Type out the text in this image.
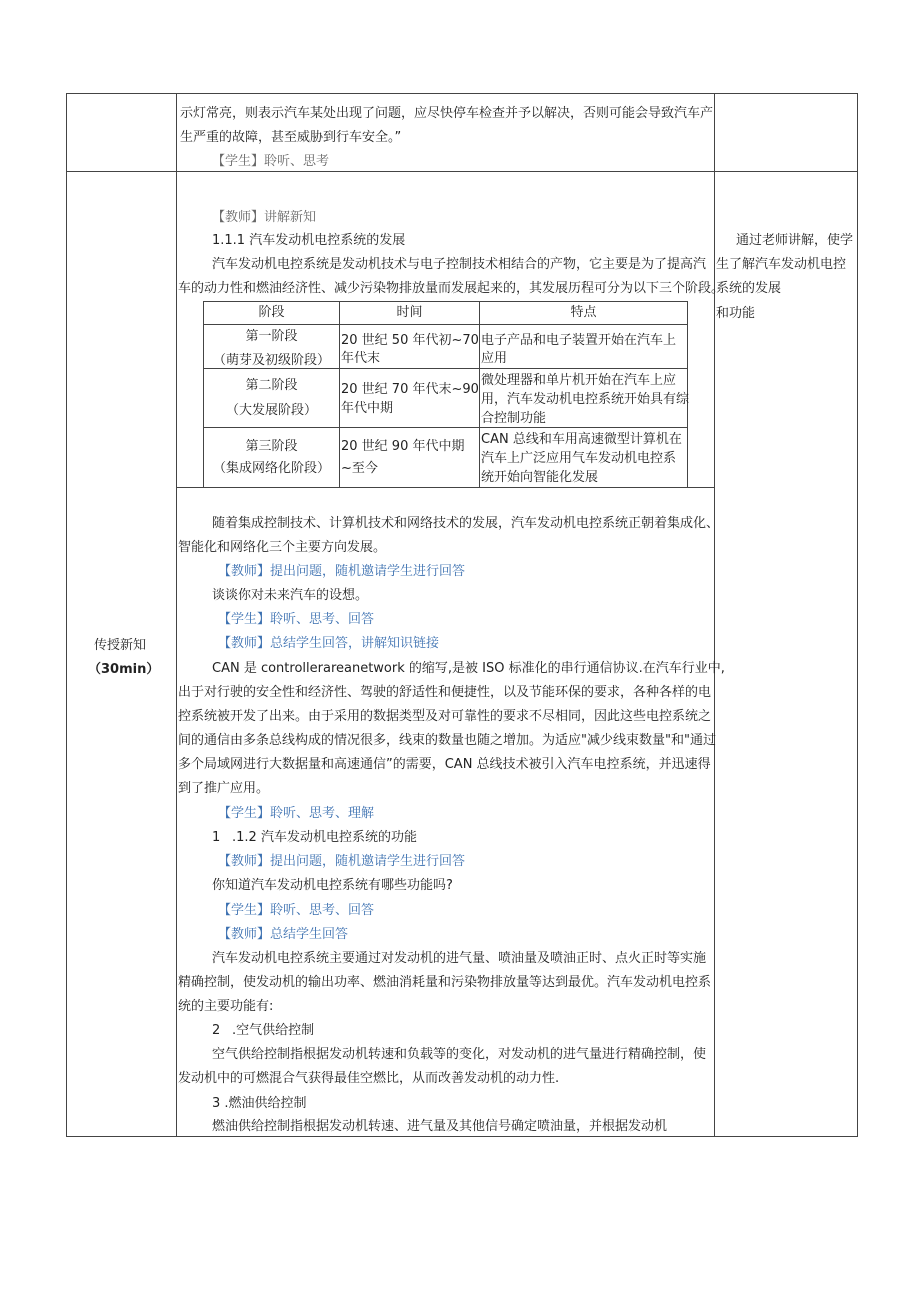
示灯常亮，则表示汽车某处出现了问题，应尽快停车检查并予以解决，否则可能会导致汽车产
生严重的故障，甚至威胁到行车安全。”
【学生】聆听、思考
传授新知
（30min）
通过老师讲解，使学
生了解汽车发动机电控
系统的发展
和功能
【教师】讲解新知
1.1.1 汽车发动机电控系统的发展
汽车发动机电控系统是发动机技术与电子控制技术相结合的产物，它主要是为了提高汽
车的动力性和燃油经济性、减少污染物排放量而发展起来的，其发展历程可分为以下三个阶段。
阶段	时间	特点
第一阶段
（萌芽及初级阶段）
20 世纪 50 年代初~70
年代末
电子产品和电子装置开始在汽车上
应用
第二阶段
（大发展阶段）
20 世纪 70 年代末~90
年代中期
微处理器和单片机开始在汽车上应
用，汽车发动机电控系统开始具有综
合控制功能
第三阶段
（集成网络化阶段）
20 世纪 90 年代中期
~至今
CAN 总线和车用高速微型计算机在
汽车上广泛应用气车发动机电控系
统开始向智能化发展
随着集成控制技术、计算机技术和网络技术的发展，汽车发动机电控系统正朝着集成化、
智能化和网络化三个主要方向发展。
【教师】提出问题，随机邀请学生进行回答
谈谈你对未来汽车的设想。
【学生】聆听、思考、回答
【教师】总结学生回答，讲解知识链接
CAN 是 controllerareanetwork 的缩写,是被 ISO 标准化的串行通信协议.在汽车行业中,
出于对行驶的安全性和经济性、驾驶的舒适性和便捷性，以及节能环保的要求，各种各样的电
控系统被开发了出来。由于采用的数据类型及对可靠性的要求不尽相同，因此这些电控系统之
间的通信由多条总线构成的情况很多，线束的数量也随之增加。为适应"减少线束数量"和"通过
多个局域网进行大数据量和高速通信”的需要，CAN 总线技术被引入汽车电控系统，并迅速得
到了推广应用。
【学生】聆听、思考、理解
1 .1.2 汽车发动机电控系统的功能
【教师】提出问题，随机邀请学生进行回答
你知道汽车发动机电控系统有哪些功能吗?
【学生】聆听、思考、回答
【教师】总结学生回答
汽车发动机电控系统主要通过对发动机的进气量、喷油量及喷油正时、点火正时等实施
精确控制，使发动机的输出功率、燃油消耗量和污染物排放量等达到最优。汽车发动机电控系
统的主要功能有:
2 .空气供给控制
空气供给控制指根据发动机转速和负载等的变化，对发动机的进气量进行精确控制，使
发动机中的可燃混合气获得最佳空燃比，从而改善发动机的动力性.
3 .燃油供给控制
燃油供给控制指根据发动机转速、进气量及其他信号确定喷油量，并根据发动机
